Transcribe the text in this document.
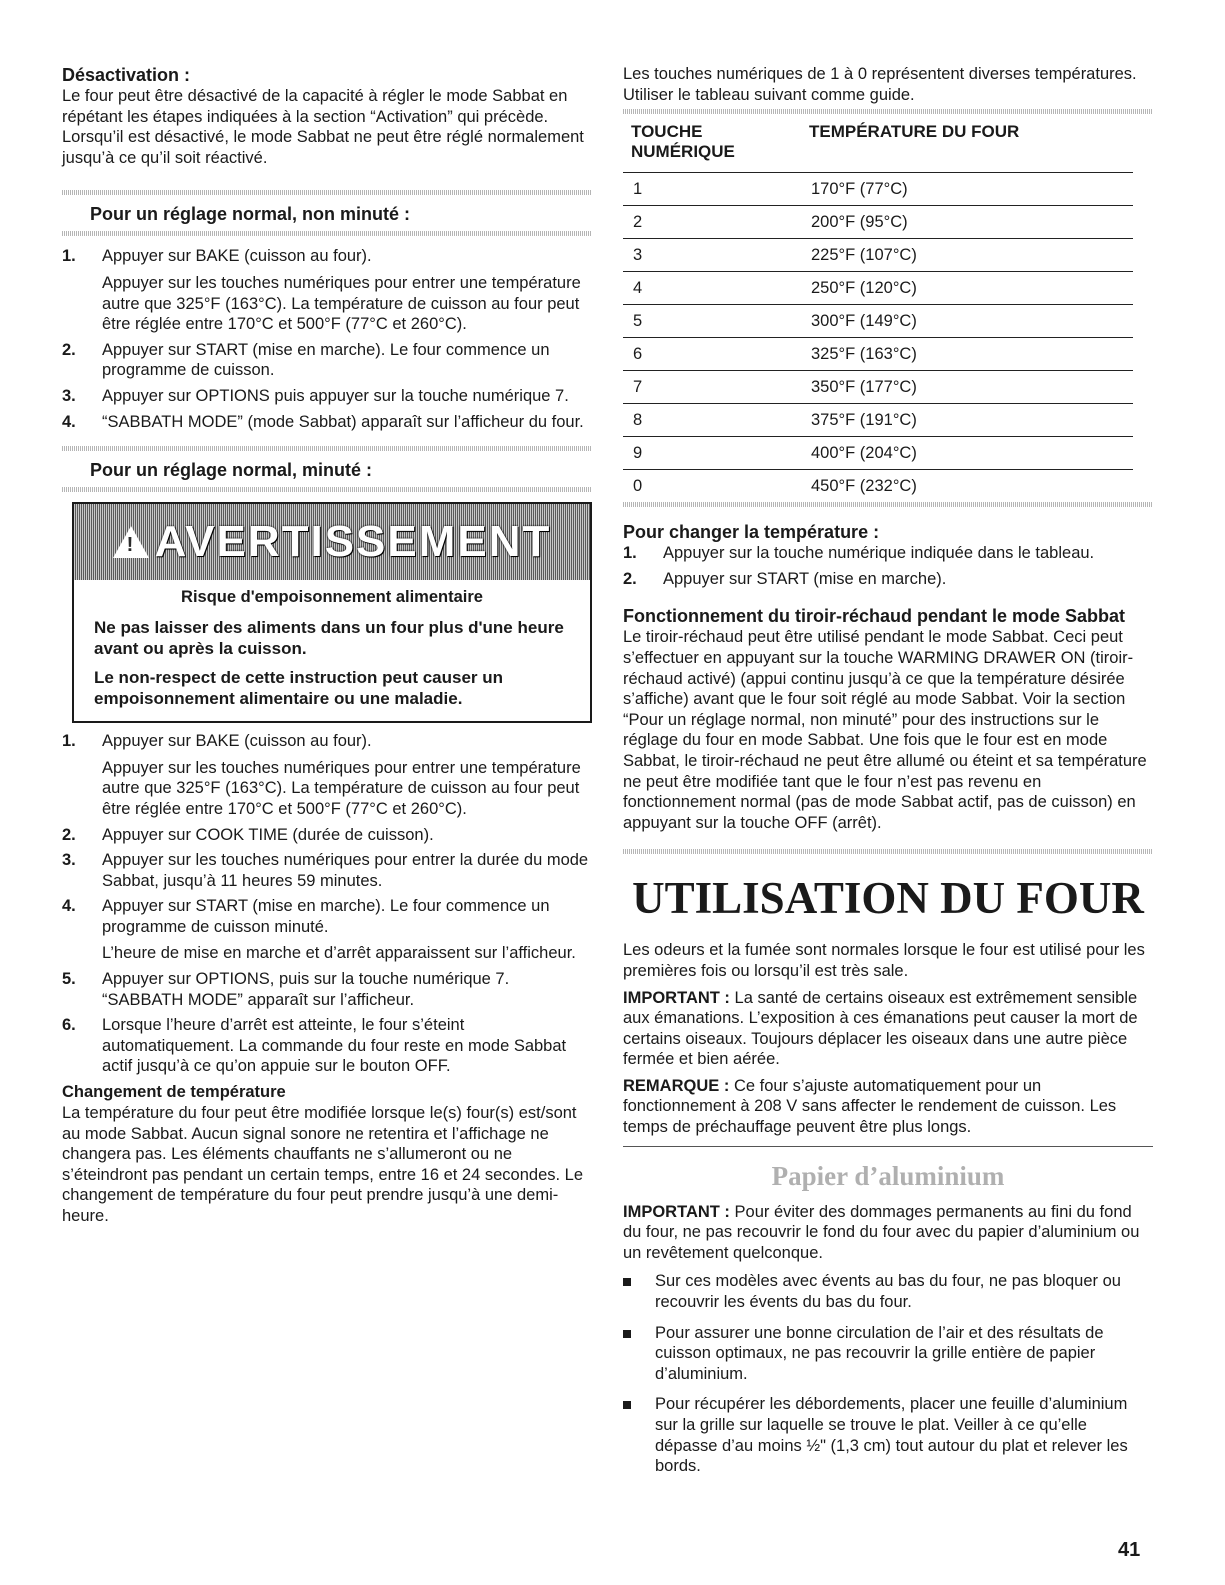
Désactivation :

Le four peut être désactivé de la capacité à régler le mode Sabbat en répétant les étapes indiquées à la section “Activation” qui précède. Lorsqu’il est désactivé, le mode Sabbat ne peut être réglé normalement jusqu’à ce qu’il soit réactivé.

Pour un réglage normal, non minuté :
1.	Appuyer sur BAKE (cuisson au four).

Appuyer sur les touches numériques pour entrer une température autre que 325°F (163°C). La température de cuisson au four peut être réglée entre 170°C et 500°F (77°C et 260°C).

2.	Appuyer sur START (mise en marche). Le four commence un programme de cuisson.

3.	Appuyer sur OPTIONS puis appuyer sur la touche numérique 7.

4.	“SABBATH MODE” (mode Sabbat) apparaît sur l’afficheur du four.

Pour un réglage normal, minuté :
! AVERTISSEMENT

Risque d'empoisonnement alimentaire

Ne pas laisser des aliments dans un four plus d'une heure avant ou après la cuisson.

Le non-respect de cette instruction peut causer un empoisonnement alimentaire ou une maladie.

1.	Appuyer sur BAKE (cuisson au four).

Appuyer sur les touches numériques pour entrer une température autre que 325°F (163°C). La température de cuisson au four peut être réglée entre 170°C et 500°F (77°C et 260°C).

2.	Appuyer sur COOK TIME (durée de cuisson).

3.	Appuyer sur les touches numériques pour entrer la durée du mode Sabbat, jusqu’à 11 heures 59 minutes.

4.	Appuyer sur START (mise en marche). Le four commence un programme de cuisson minuté.

L’heure de mise en marche et d’arrêt apparaissent sur l’afficheur.

5.	Appuyer sur OPTIONS, puis sur la touche numérique 7. “SABBATH MODE” apparaît sur l’afficheur.

6.	Lorsque l’heure d’arrêt est atteinte, le four s’éteint automatiquement. La commande du four reste en mode Sabbat actif jusqu’à ce qu’on appuie sur le bouton OFF.

Changement de température

La température du four peut être modifiée lorsque le(s) four(s) est/sont au mode Sabbat. Aucun signal sonore ne retentira et l’affichage ne changera pas. Les éléments chauffants ne s’allumeront ou ne s’éteindront pas pendant un certain temps, entre 16 et 24 secondes. Le changement de température du four peut prendre jusqu’à une demi-heure.

Les touches numériques de 1 à 0 représentent diverses températures. Utiliser le tableau suivant comme guide.

TOUCHE NUMÉRIQUE	TEMPÉRATURE DU FOUR
1	170°F (77°C)
2	200°F (95°C)
3	225°F (107°C)
4	250°F (120°C)
5	300°F (149°C)
6	325°F (163°C)
7	350°F (177°C)
8	375°F (191°C)
9	400°F (204°C)
0	450°F (232°C)
Pour changer la température :
1.	Appuyer sur la touche numérique indiquée dans le tableau.

2.	Appuyer sur START (mise en marche).

Fonctionnement du tiroir-réchaud pendant le mode Sabbat

Le tiroir-réchaud peut être utilisé pendant le mode Sabbat. Ceci peut s’effectuer en appuyant sur la touche WARMING DRAWER ON (tiroir-réchaud activé) (appui continu jusqu’à ce que la température désirée s’affiche) avant que le four soit réglé au mode Sabbat. Voir la section “Pour un réglage normal, non minuté” pour des instructions sur le réglage du four en mode Sabbat. Une fois que le four est en mode Sabbat, le tiroir-réchaud ne peut être allumé ou éteint et sa température ne peut être modifiée tant que le four n’est pas revenu en fonctionnement normal (pas de mode Sabbat actif, pas de cuisson) en appuyant sur la touche OFF (arrêt).

UTILISATION DU FOUR

Les odeurs et la fumée sont normales lorsque le four est utilisé pour les premières fois ou lorsqu’il est très sale.

IMPORTANT : La santé de certains oiseaux est extrêmement sensible aux émanations. L’exposition à ces émanations peut causer la mort de certains oiseaux. Toujours déplacer les oiseaux dans une autre pièce fermée et bien aérée.

REMARQUE : Ce four s’ajuste automatiquement pour un fonctionnement à 208 V sans affecter le rendement de cuisson. Les temps de préchauffage peuvent être plus longs.

Papier d’aluminium

IMPORTANT : Pour éviter des dommages permanents au fini du fond du four, ne pas recouvrir le fond du four avec du papier d’aluminium ou un revêtement quelconque.

Sur ces modèles avec évents au bas du four, ne pas bloquer ou recouvrir les évents du bas du four.
Pour assurer une bonne circulation de l’air et des résultats de cuisson optimaux, ne pas recouvrir la grille entière de papier d’aluminium.
Pour récupérer les débordements, placer une feuille d’aluminium sur la grille sur laquelle se trouve le plat. Veiller à ce qu’elle dépasse d’au moins ½" (1,3 cm) tout autour du plat et relever les bords.
41
